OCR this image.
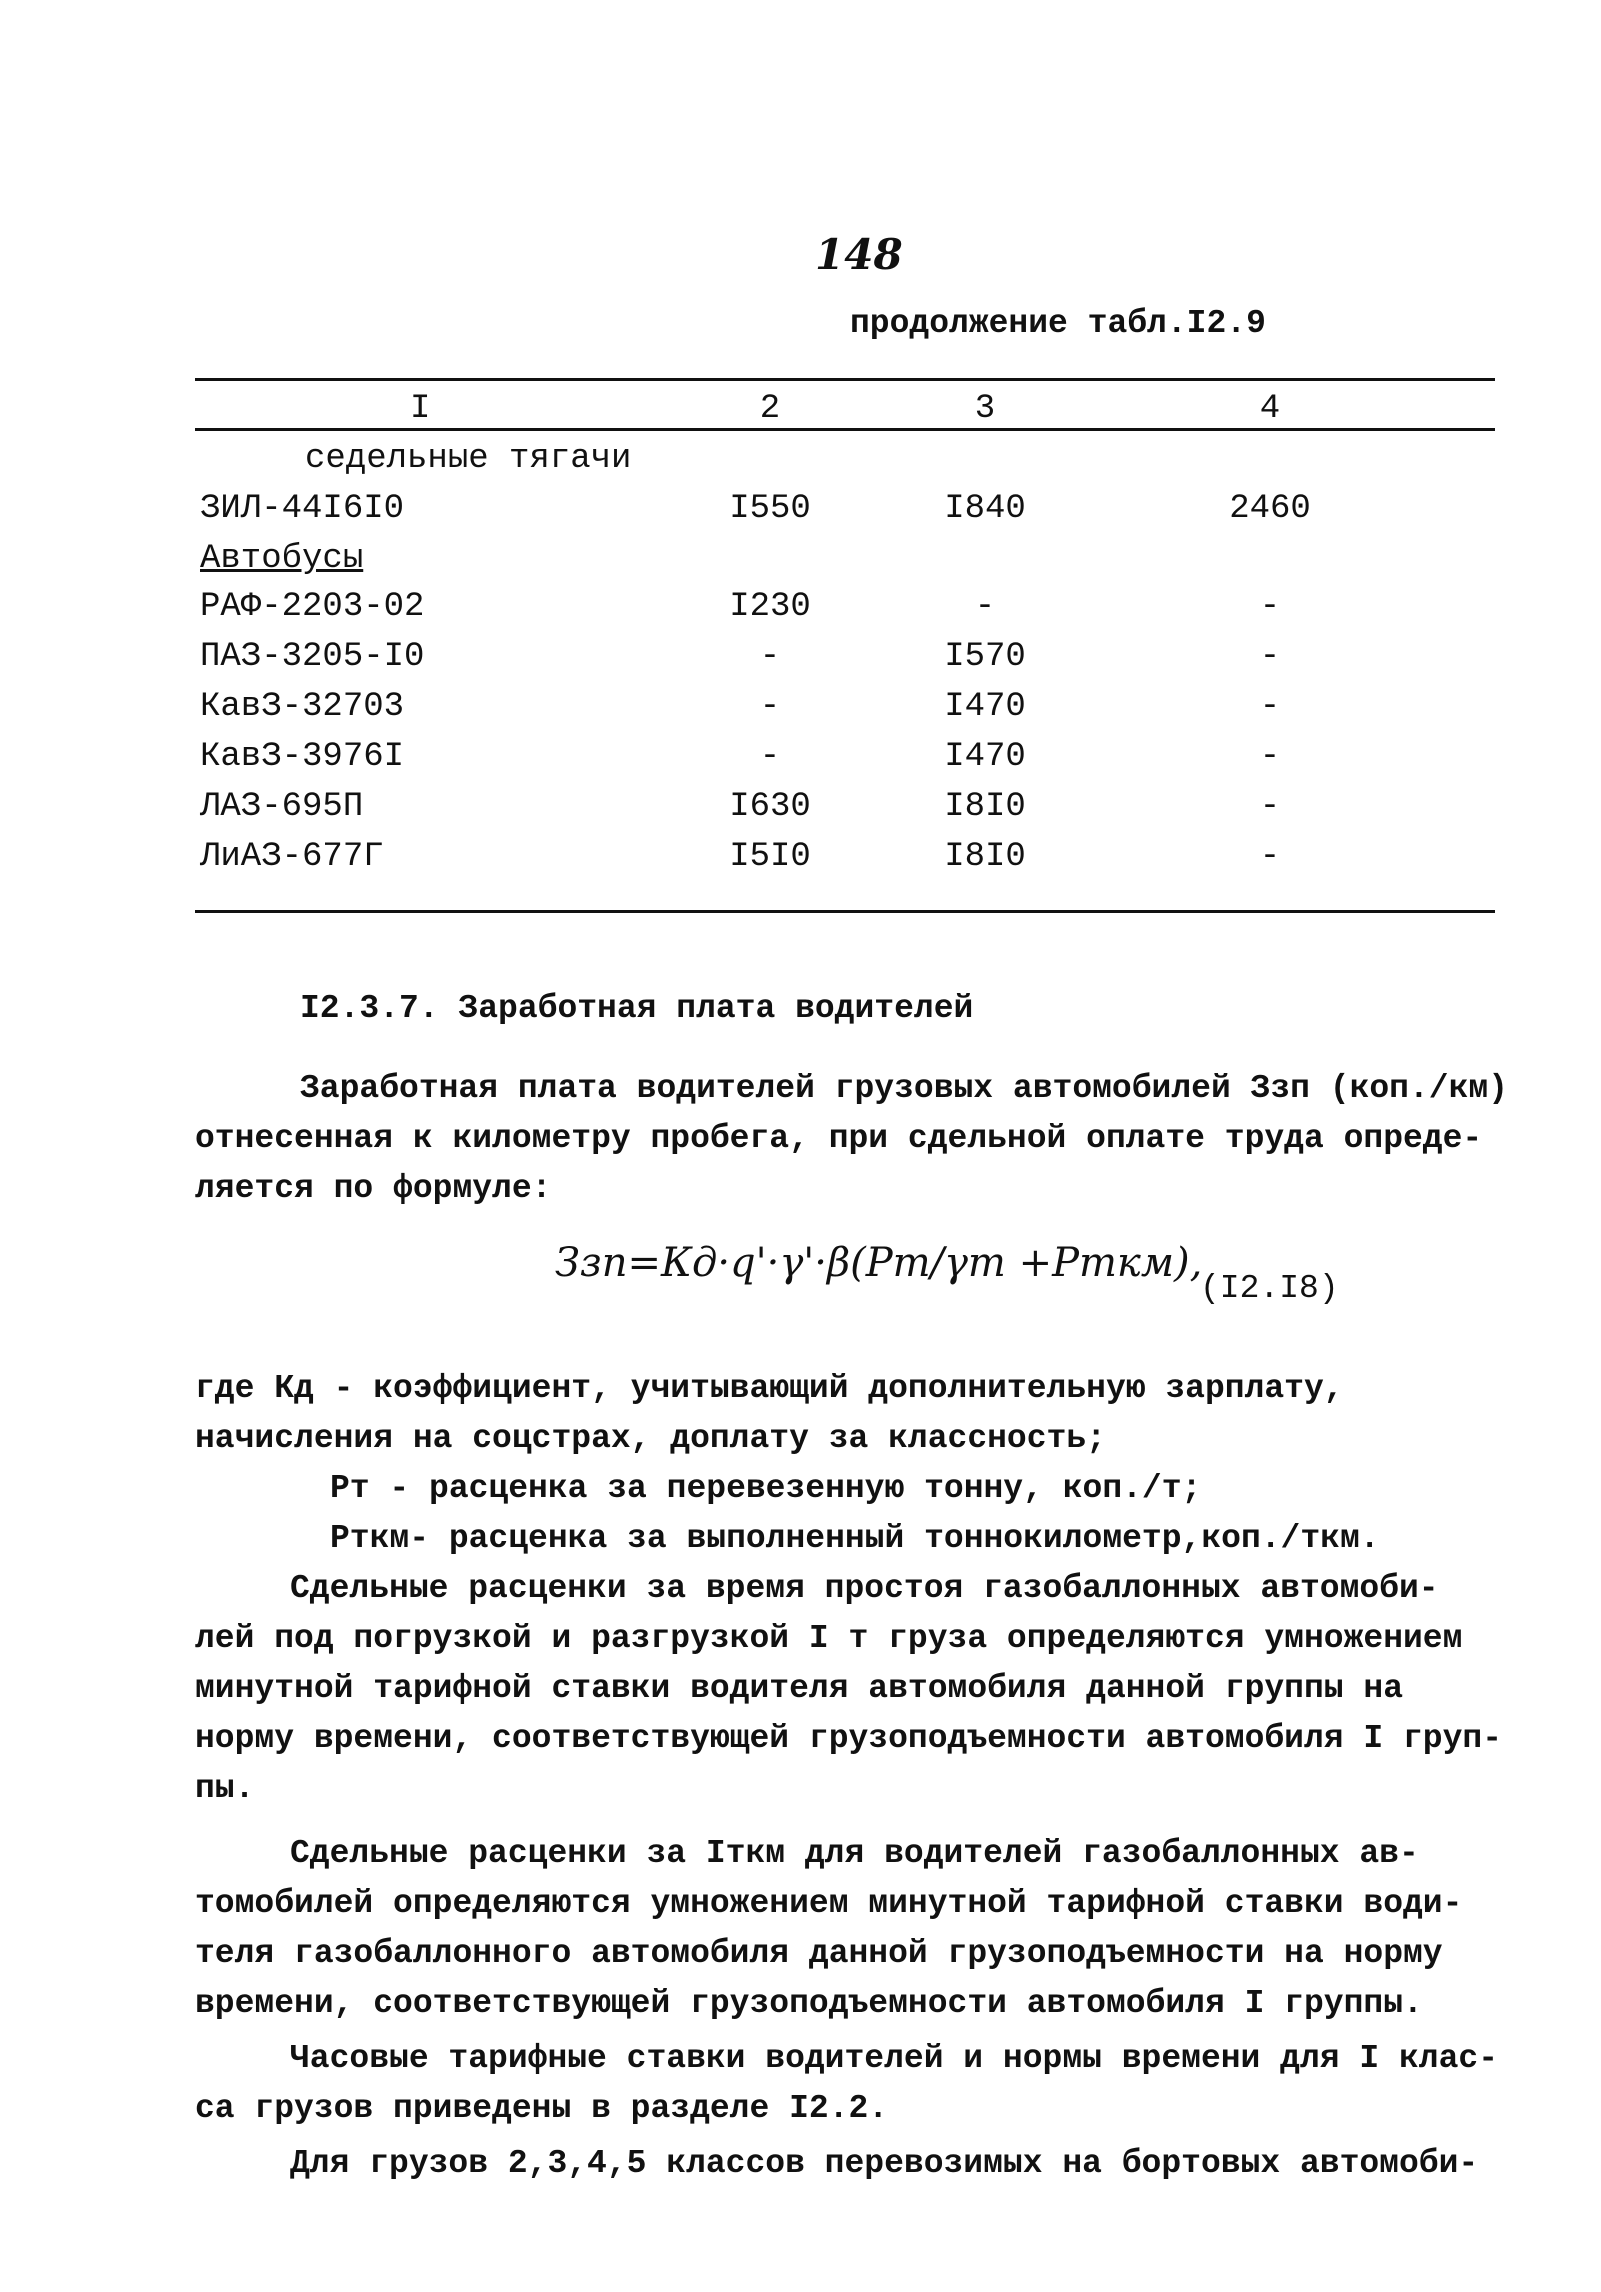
148
продолжение табл.I2.9
I	2	3	4
седельные тягачи
ЗИЛ-44I6I0	I550	I840	2460
Автобусы
РАФ-2203-02	I230	-	-
ПАЗ-3205-I0	-	I570	-
КавЗ-32703	-	I470	-
КавЗ-3976I	-	I470	-
ЛАЗ-695П	I630	I8I0	-
ЛиАЗ-677Г	I5I0	I8I0	-
I2.3.7. Заработная плата водителей
Заработная плата водителей грузовых автомобилей Ззп (коп./км)
отнесенная к километру пробега, при сдельной оплате труда опреде-
ляется по формуле:
Ззп=Кд·q'·γ'·β(Pт/γт +Pткм),
(I2.I8)
где Кд - коэффициент, учитывающий дополнительную зарплату,
начисления на соцстрах, доплату за классность;
Рт - расценка за перевезенную тонну, коп./т;
Рткм- расценка за выполненный тоннокилометр,коп./ткм.
Сдельные расценки за время простоя газобаллонных автомоби-
лей под погрузкой и разгрузкой I т груза определяются умножением
минутной тарифной ставки водителя автомобиля данной группы на
норму времени, соответствующей грузоподъемности автомобиля I груп-
пы.
Сдельные расценки за Iткм для водителей газобаллонных ав-
томобилей определяются умножением минутной тарифной ставки води-
теля газобаллонного автомобиля данной грузоподъемности на норму
времени, соответствующей грузоподъемности автомобиля I группы.
Часовые тарифные ставки водителей и нормы времени для I клас-
са грузов приведены в разделе I2.2.
Для грузов 2,3,4,5 классов перевозимых на бортовых автомоби-
